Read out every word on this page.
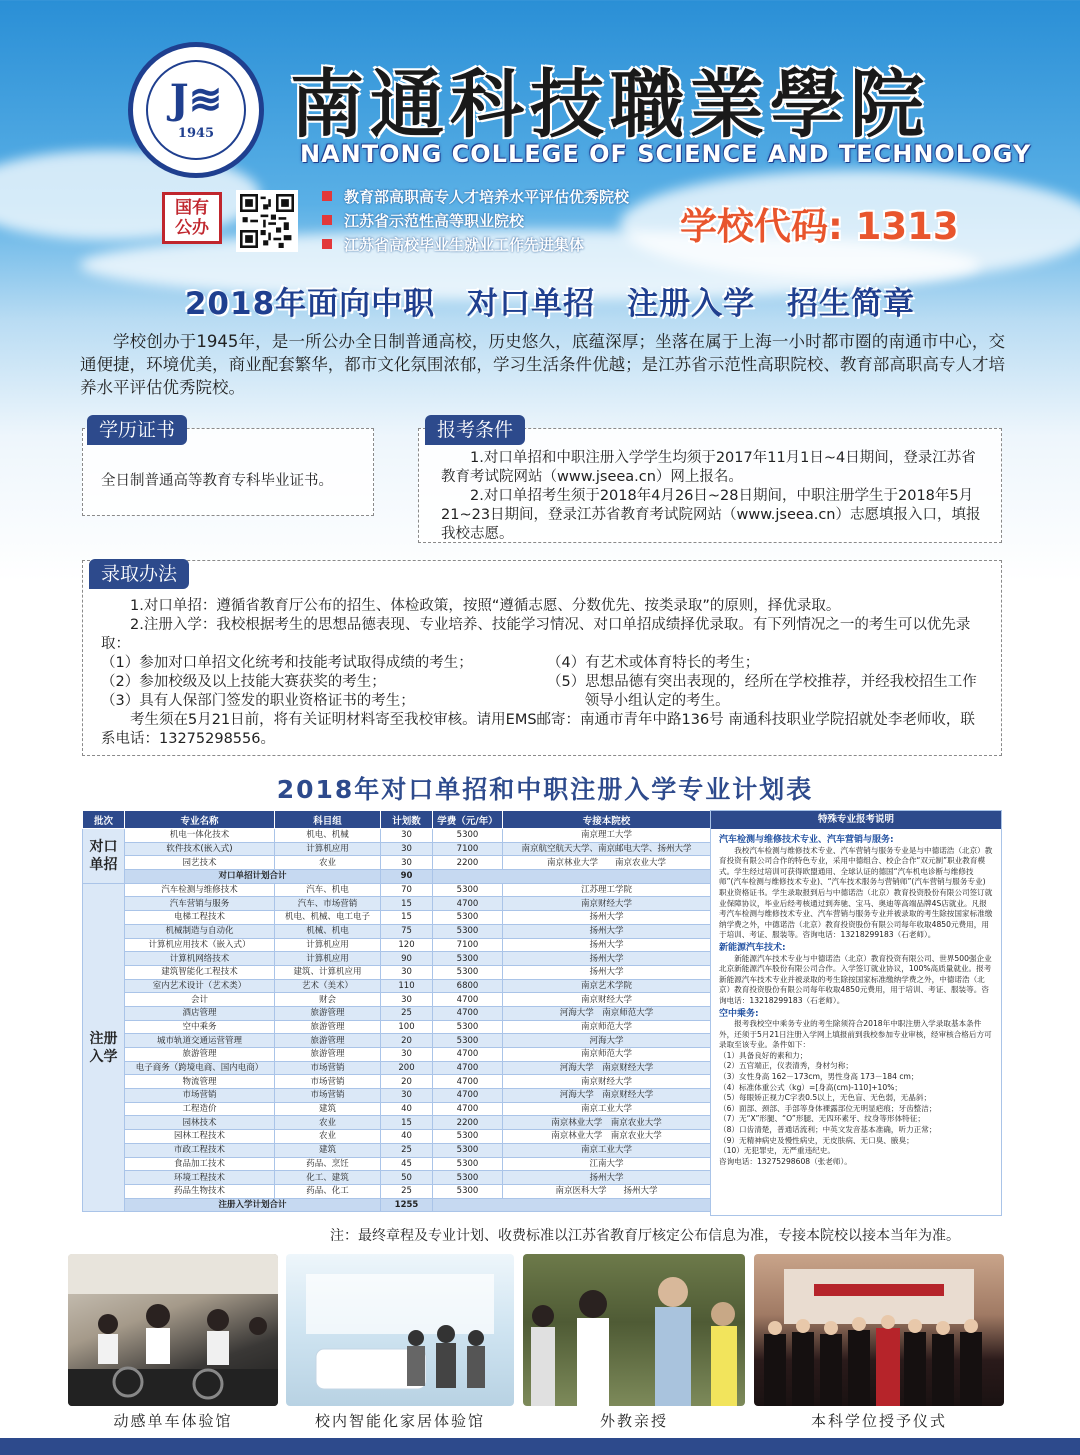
J≋
1945 南通科技職業學院
NANTONG COLLEGE OF SCIENCE AND TECHNOLOGY
国有
公办
教育部高职高专人才培养水平评估优秀院校
江苏省示范性高等职业院校
江苏省高校毕业生就业工作先进集体	学校代码: 1313
2018年面向中职　对口单招　注册入学　招生简章
学校创办于1945年，是一所公办全日制普通高校，历史悠久，底蕴深厚；坐落在属于上海一小时都市圈的南通市中心，交通便捷，环境优美，商业配套繁华，都市文化氛围浓郁，学习生活条件优越；是江苏省示范性高职院校、教育部高职高专人才培养水平评估优秀院校。
学历证书
全日制普通高等教育专科毕业证书。
报考条件
1.对口单招和中职注册入学学生均须于2017年11月1日~4日期间，登录江苏省教育考试院网站（www.jseea.cn）网上报名。
2.对口单招考生须于2018年4月26日~28日期间，中职注册学生于2018年5月21~23日期间，登录江苏省教育考试院网站（www.jseea.cn）志愿填报入口，填报我校志愿。
录取办法
1.对口单招：遵循省教育厅公布的招生、体检政策，按照“遵循志愿、分数优先、按类录取”的原则，择优录取。
2.注册入学：我校根据考生的思想品德表现、专业培养、技能学习情况、对口单招成绩择优录取。有下列情况之一的考生可以优先录取：
（1）参加对口单招文化统考和技能考试取得成绩的考生；
（2）参加校级及以上技能大赛获奖的考生；
（3）具有人保部门签发的职业资格证书的考生；
（4）有艺术或体育特长的考生；
（5）思想品德有突出表现的，经所在学校推荐，并经我校招生工作领导小组认定的考生。
考生须在5月21日前，将有关证明材料寄至我校审核。请用EMS邮寄：南通市青年中路136号 南通科技职业学院招就处李老师收，联系电话：13275298556。
2018年对口单招和中职注册入学专业计划表
批次	专业名称	科目组	计划数	学费（元/年）	专接本院校
对口单招	机电一体化技术	机电、机械	30	5300	南京理工大学
	软件技术(嵌入式)	计算机应用	30	7100	南京航空航天大学、南京邮电大学、扬州大学
	园艺技术	农业	30	2200	南京林业大学　　南京农业大学
	对口单招计划合计		90		
注册入学	汽车检测与维修技术	汽车、机电	70	5300	江苏理工学院
	汽车营销与服务	汽车、市场营销	15	4700	南京财经大学
	电梯工程技术	机电、机械、电工电子	15	5300	扬州大学
	机械制造与自动化	机械、机电	75	5300	扬州大学
	计算机应用技术（嵌入式）	计算机应用	120	7100	扬州大学
	计算机网络技术	计算机应用	90	5300	扬州大学
	建筑智能化工程技术	建筑、计算机应用	30	5300	扬州大学
	室内艺术设计（艺术类）	艺术（美术）	110	6800	南京艺术学院
	会计	财会	30	4700	南京财经大学
	酒店管理	旅游管理	25	4700	河海大学　南京师范大学
	空中乘务	旅游管理	100	5300	南京师范大学
	城市轨道交通运营管理	旅游管理	20	5300	河海大学
	旅游管理	旅游管理	30	4700	南京师范大学
	电子商务（跨境电商、国内电商）	市场营销	200	4700	河海大学　南京财经大学
	物流管理	市场营销	20	4700	南京财经大学
	市场营销	市场营销	30	4700	河海大学　南京财经大学
	工程造价	建筑	40	4700	南京工业大学
	园林技术	农业	15	2200	南京林业大学　南京农业大学
	园林工程技术	农业	40	5300	南京林业大学　南京农业大学
	市政工程技术	建筑	25	5300	南京工业大学
	食品加工技术	药品、烹饪	45	5300	江南大学
	环境工程技术	化工、建筑	50	5300	扬州大学
	药品生物技术	药品、化工	25	5300	南京医科大学　　扬州大学
	注册入学计划合计		1255		
特殊专业报考说明
汽车检测与维修技术专业、汽车营销与服务:
我校汽车检测与维修技术专业、汽车营销与服务专业是与中德诺浩（北京）教育投资有限公司合作的特色专业，采用中德组合、校企合作“双元制”职业教育模式。学生经过培训可获得欧盟通用、全球认证的德国“汽车机电诊断与维修技师”(汽车检测与维修技术专业)、“汽车技术服务与营销师”(汽车营销与服务专业)职业资格证书。学生录取报到后与中德诺浩（北京）教育投资股份有限公司签订就业保障协议，毕业后经考核通过到奔驰、宝马、奥迪等高端品牌4S店就业。凡报考汽车检测与维修技术专业、汽车营销与服务专业并被录取的考生除按国家标准缴纳学费之外，中德诺浩（北京）教育投资股份有限公司每年收取4850元费用，用于培训、考证、服装等。咨询电话：13218299183（石老师）。
新能源汽车技术:
新能源汽车技术专业与中德诺浩（北京）教育投资有限公司、世界500强企业北京新能源汽车股份有限公司合作。入学签订就业协议，100%高质量就业。报考新能源汽车技术专业并被录取的考生除按国家标准缴纳学费之外，中德诺浩（北京）教育投资股份有限公司每年收取4850元费用，用于培训、考证、服装等。咨询电话：13218299183（石老师）。
空中乘务:
报考我校空中乘务专业的考生除须符合2018年中职注册入学录取基本条件外，还须于5月21日注册入学网上填报前到我校参加专业审核，经审核合格后方可录取至该专业。条件如下：
（1）具备良好的素和力；
（2）五官端正，仪表清秀，身材匀称；
（3）女性身高 162－173cm，男性身高 173－184 cm；
（4）标准体重公式（kg）=[身高(cm)-110]+10%；
（5）每眼矫正视力C字表0.5以上，无色盲、无色弱，无晶斜；
（6）面部、颈部、手部等身体裸露部位无明显疤痕；牙齿整洁；
（7）无“X”形腿、“O”形腿、无四环素牙、纹身等形体特征；
（8）口齿清楚，普通话流利；中英文发音基本准确，听力正常；
（9）无精神病史及慢性病史，无皮肤病、无口臭、腋臭；
（10）无犯罪史，无严重违纪史。
咨询电话：13275298608（张老师）。
注：最终章程及专业计划、收费标准以江苏省教育厅核定公布信息为准，专接本院校以接本当年为准。
动感单车体验馆	校内智能化家居体验馆	外教亲授	本科学位授予仪式
